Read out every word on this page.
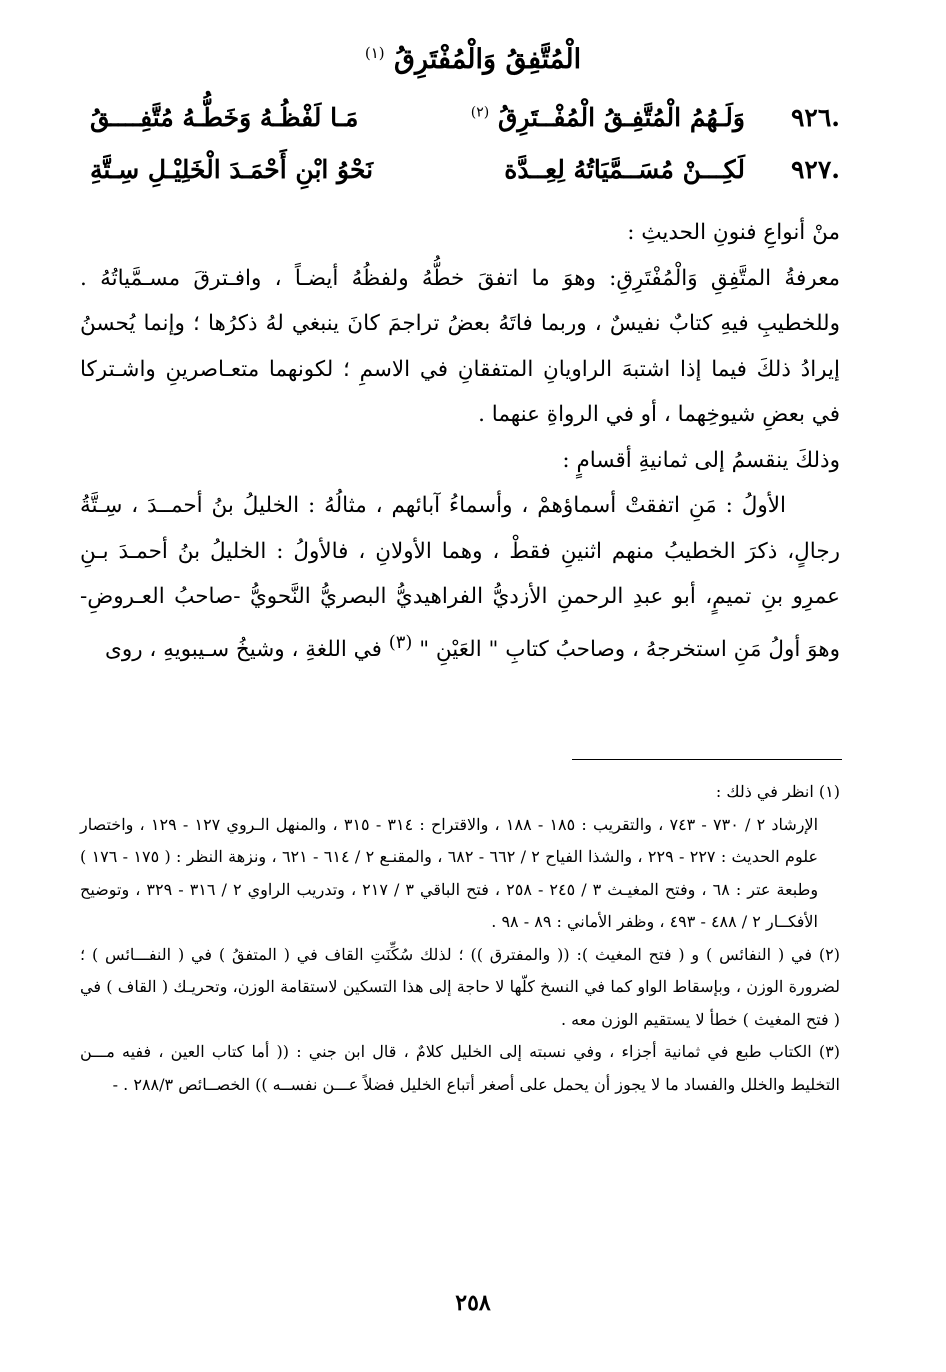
الْمُتَّفِقُ وَالْمُفْتَرِقُ $^{(١)}$
٩٢٦.
وَلَـهُمُ الْمُتَّفِـقُ الْمُفْــتَرِقُ $^{(٢)}$
مَـا لَفْظُـهُ وَخَطُّـهُ مُتَّفِــــقُ
٩٢٧.
لَكِـــنْ مُسَــمَّيَاتُهُ لِعِــدَّة
نَحْوُ ابْنِ أَحْمَـدَ الْخَلِيْـلِ سِـتَّةِ

منْ أنواعِ فنونِ الحديثِ :

معرفةُ المتَّفِقِ وَالْمُفْتَرِقِ: وهوَ ما اتفقَ خطُّهُ ولفظُهُ أيضـاً ، وافـترقَ مسـمَّياتُهُ . وللخطيبِ فيهِ كتابٌ نفيسٌ ، وربما فاتَهُ بعضُ تراجمَ كانَ ينبغي لهُ ذكرُها ؛ وإنما يُحسنُ إيرادُ ذلكَ فيما إذا اشتبهَ الراويانِ المتفقانِ في الاسمِ ؛ لكونهما متعـاصرينِ واشـتركا في بعضِ شيوخِهما ، أو في الرواةِ عنهما .

وذلكَ ينقسمُ إلى ثمانيةِ أقسامٍ :

الأولُ : مَنِ اتفقتْ أسماؤهمْ ، وأسماءُ آبائهم ، مثالُهُ : الخليلُ بنُ أحمــدَ ، سِـتَّةُ رجالٍ، ذكرَ الخطيبُ منهم اثنينِ فقطْ ، وهما الأولانِ ، فالأولُ : الخليلُ بنُ أحمـدَ بـنِ عمرِو بنِ تميمٍ، أبو عبدِ الرحمنِ الأزديُّ الفراهيديُّ البصريُّ النَّحويُّ -صاحبُ العـروضِ- وهوَ أولُ مَنِ استخرجهُ ، وصاحبُ كتابِ " العَيْنِ " $^{(٣)}$ في اللغةِ ، وشيخُ سـيبويهِ ، روى

(١) انظر في ذلك :

الإرشاد ٢ / ٧٣٠ - ٧٤٣ ، والتقريب : ١٨٥ - ١٨٨ ، والاقتراح : ٣١٤ - ٣١٥ ، والمنهل الـروي ١٢٧ - ١٢٩ ، واختصار علوم الحديث : ٢٢٧ - ٢٢٩ ، والشذا الفياح ٢ / ٦٦٢ - ٦٨٢ ، والمقنـع ٢ / ٦١٤ - ٦٢١ ، ونزهة النظر : ( ١٧٥ - ١٧٦ ) وطبعة عتر : ٦٨ ، وفتح المغيـث ٣ / ٢٤٥ - ٢٥٨ ، فتح الباقي ٣ / ٢١٧ ، وتدريب الراوي ٢ / ٣١٦ - ٣٢٩ ، وتوضيح الأفكــار ٢ / ٤٨٨ - ٤٩٣ ، وظفر الأماني : ٨٩ - ٩٨ .

(٢) في ( النفائس ) و ( فتح المغيث ): (( والمفترق )) ؛ لذلك سُكِّنَتِ القاف في ( المتفقُ ) في ( النفـــائس ) ؛ لضرورة الوزن ، وبإسقاط الواو كما في النسخ كلّها لا حاجة إلى هذا التسكين لاستقامة الوزن، وتحريـك ( القاف ) في ( فتح المغيث ) خطأ لا يستقيم الوزن معه .

(٣) الكتاب طبع في ثمانية أجزاء ، وفي نسبته إلى الخليل كلامٌ ، قال ابن جني : (( أما كتاب العين ، ففيه مـــن التخليط والخلل والفساد ما لا يجوز أن يحمل على أصغر أتباع الخليل فضلاً عـــن نفســه )) الخصــائص ٢٨٨/٣ . -

٢٥٨
